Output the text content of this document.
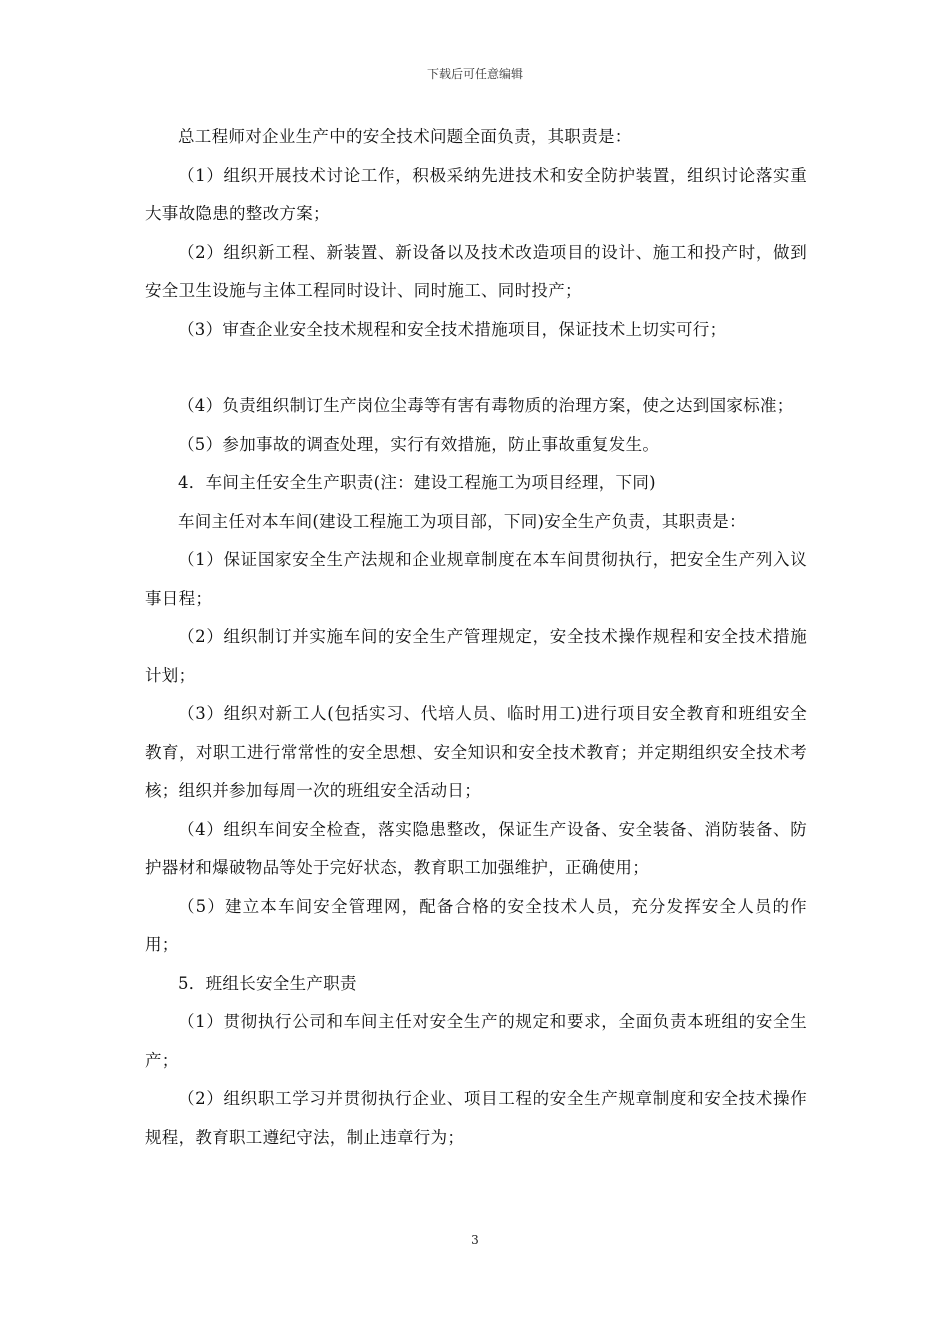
下载后可任意编辑

总工程师对企业生产中的安全技术问题全面负责，其职责是：

（1）组织开展技术讨论工作，积极采纳先进技术和安全防护装置，组织讨论落实重大事故隐患的整改方案；

（2）组织新工程、新装置、新设备以及技术改造项目的设计、施工和投产时，做到安全卫生设施与主体工程同时设计、同时施工、同时投产；

（3）审查企业安全技术规程和安全技术措施项目，保证技术上切实可行；

（4）负责组织制订生产岗位尘毒等有害有毒物质的治理方案，使之达到国家标准；

（5）参加事故的调查处理，实行有效措施，防止事故重复发生。

4．车间主任安全生产职责(注：建设工程施工为项目经理，下同)

车间主任对本车间(建设工程施工为项目部，下同)安全生产负责，其职责是：

（1）保证国家安全生产法规和企业规章制度在本车间贯彻执行，把安全生产列入议事日程；

（2）组织制订并实施车间的安全生产管理规定，安全技术操作规程和安全技术措施计划；

（3）组织对新工人(包括实习、代培人员、临时用工)进行项目安全教育和班组安全教育，对职工进行常常性的安全思想、安全知识和安全技术教育；并定期组织安全技术考核；组织并参加每周一次的班组安全活动日；

（4）组织车间安全检查，落实隐患整改，保证生产设备、安全装备、消防装备、防护器材和爆破物品等处于完好状态，教育职工加强维护，正确使用；

（5）建立本车间安全管理网，配备合格的安全技术人员，充分发挥安全人员的作用；

5．班组长安全生产职责

（1）贯彻执行公司和车间主任对安全生产的规定和要求，全面负责本班组的安全生产；

（2）组织职工学习并贯彻执行企业、项目工程的安全生产规章制度和安全技术操作规程，教育职工遵纪守法，制止违章行为；

3
